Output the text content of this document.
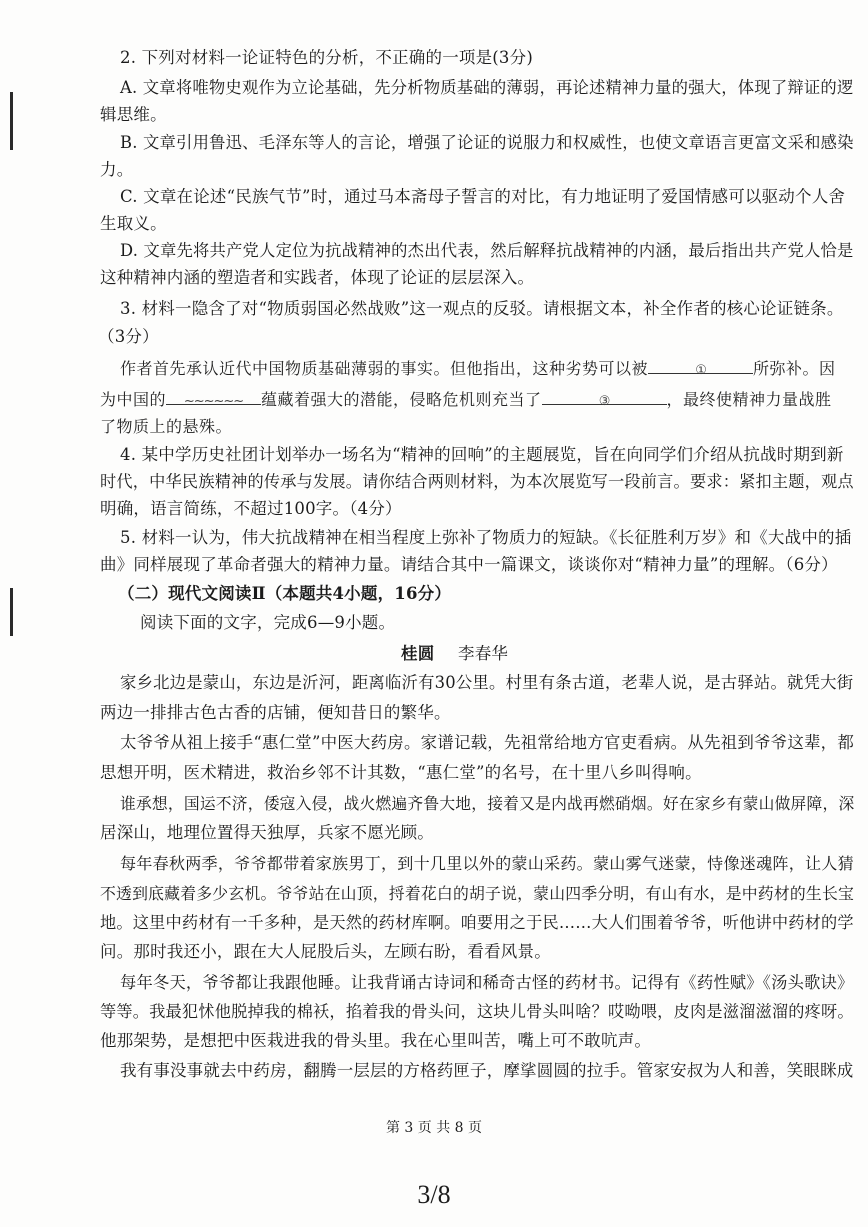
2. 下列对材料一论证特色的分析，不正确的一项是(3分)
A. 文章将唯物史观作为立论基础，先分析物质基础的薄弱，再论述精神力量的强大，体现了辩证的逻
辑思维。
B. 文章引用鲁迅、毛泽东等人的言论，增强了论证的说服力和权威性，也使文章语言更富文采和感染
力。
C. 文章在论述“民族气节”时，通过马本斋母子誓言的对比，有力地证明了爱国情感可以驱动个人舍
生取义。
D. 文章先将共产党人定位为抗战精神的杰出代表，然后解释抗战精神的内涵，最后指出共产党人恰是
这种精神内涵的塑造者和实践者，体现了论证的层层深入。
3. 材料一隐含了对“物质弱国必然战败”这一观点的反驳。请根据文本，补全作者的核心论证链条。
（3分）
作者首先承认近代中国物质基础薄弱的事实。但他指出，这种劣势可以被	①	所弥补。因
为中国的	~~~~~~	蕴藏着强大的潜能，侵略危机则充当了	③	，最终使精神力量战胜
了物质上的悬殊。
4. 某中学历史社团计划举办一场名为“精神的回响”的主题展览，旨在向同学们介绍从抗战时期到新
时代，中华民族精神的传承与发展。请你结合两则材料，为本次展览写一段前言。要求：紧扣主题，观点
明确，语言简练，不超过100字。（4分）
5. 材料一认为，伟大抗战精神在相当程度上弥补了物质力的短缺。《长征胜利万岁》和《大战中的插
曲》同样展现了革命者强大的精神力量。请结合其中一篇课文，谈谈你对“精神力量”的理解。（6分）
（二）现代文阅读Ⅱ（本题共4小题，16分）
阅读下面的文字，完成6—9小题。
桂圆 李春华
家乡北边是蒙山，东边是沂河，距离临沂有30公里。村里有条古道，老辈人说，是古驿站。就凭大街
两边一排排古色古香的店铺，便知昔日的繁华。
太爷爷从祖上接手“惠仁堂”中医大药房。家谱记载，先祖常给地方官吏看病。从先祖到爷爷这辈，都
思想开明，医术精进，救治乡邻不计其数，“惠仁堂”的名号，在十里八乡叫得响。
谁承想，国运不济，倭寇入侵，战火燃遍齐鲁大地，接着又是内战再燃硝烟。好在家乡有蒙山做屏障，深
居深山，地理位置得天独厚，兵家不愿光顾。
每年春秋两季，爷爷都带着家族男丁，到十几里以外的蒙山采药。蒙山雾气迷蒙，恃像迷魂阵，让人猜
不透到底藏着多少玄机。爷爷站在山顶，捋着花白的胡子说，蒙山四季分明，有山有水，是中药材的生长宝
地。这里中药材有一千多种，是天然的药材库啊。咱要用之于民……大人们围着爷爷，听他讲中药材的学
问。那时我还小，跟在大人屁股后头，左顾右盼，看看风景。
每年冬天，爷爷都让我跟他睡。让我背诵古诗词和稀奇古怪的药材书。记得有《药性赋》《汤头歌诀》
等等。我最犯怵他脱掉我的棉袄，掐着我的骨头问，这块儿骨头叫啥？哎呦喂，皮肉是滋溜滋溜的疼呀。
他那架势，是想把中医栽进我的骨头里。我在心里叫苦，嘴上可不敢吭声。
我有事没事就去中药房，翻腾一层层的方格药匣子，摩挲圆圆的拉手。管家安叔为人和善，笑眼眯成
第 3 页 共 8 页
3/8
